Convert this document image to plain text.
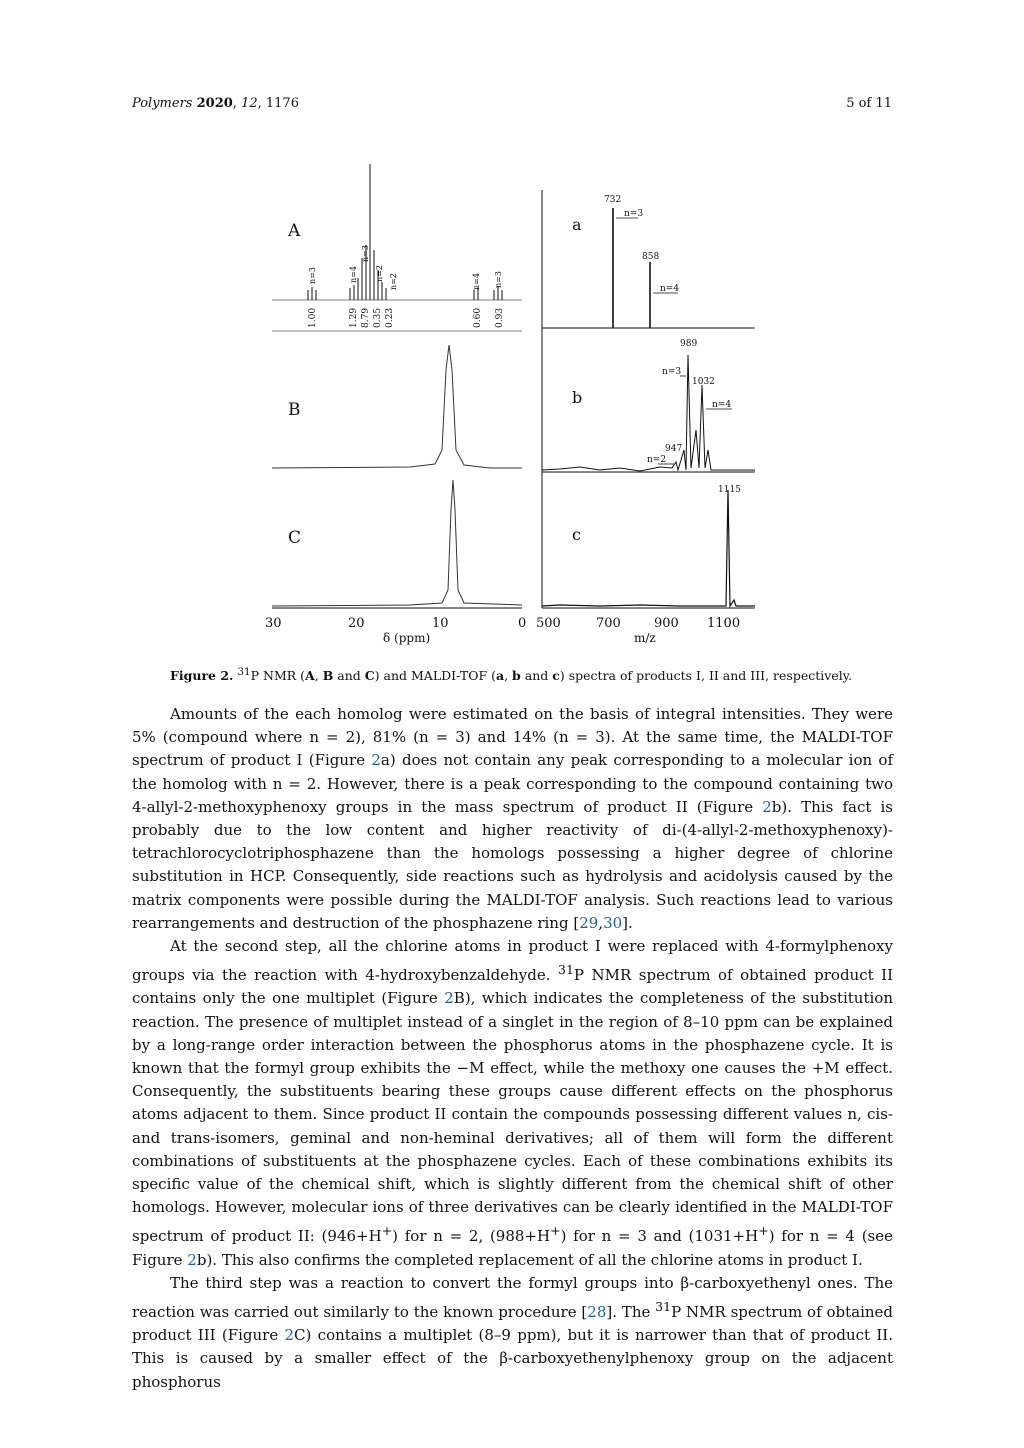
Polymers 2020, 12, 1176	5 of 11
A
n=3	n=4
n=3
n=2 n=2	n=4 n=3
1.00	1.29 8.79 0.35 0.23	0.60 0.93
B
C
30	20	10	0
δ (ppm)
a
b
c
732
n=3
858
n=4
989
n=3
1032
n=4
947
n=2
1115
500	700	900 1100
m/z
Figure 2. $^{31}$P NMR (A, B and C) and MALDI-TOF (a, b and c) spectra of products I, II and III, respectively.

Amounts of the each homolog were estimated on the basis of integral intensities. They were 5% (compound where n = 2), 81% (n = 3) and 14% (n = 3). At the same time, the MALDI-TOF spectrum of product I (Figure 2a) does not contain any peak corresponding to a molecular ion of the homolog with n = 2. However, there is a peak corresponding to the compound containing two 4-allyl-2-methoxyphenoxy groups in the mass spectrum of product II (Figure 2b). This fact is probably due to the low content and higher reactivity of di-(4-allyl-2-methoxyphenoxy)-tetrachlorocyclotriphosphazene than the homologs possessing a higher degree of chlorine substitution in HCP. Consequently, side reactions such as hydrolysis and acidolysis caused by the matrix components were possible during the MALDI-TOF analysis. Such reactions lead to various rearrangements and destruction of the phosphazene ring [29,30].

At the second step, all the chlorine atoms in product I were replaced with 4-formylphenoxy groups via the reaction with 4-hydroxybenzaldehyde. $^{31}$P NMR spectrum of obtained product II contains only the one multiplet (Figure 2B), which indicates the completeness of the substitution reaction. The presence of multiplet instead of a singlet in the region of 8–10 ppm can be explained by a long-range order interaction between the phosphorus atoms in the phosphazene cycle. It is known that the formyl group exhibits the −M effect, while the methoxy one causes the +M effect. Consequently, the substituents bearing these groups cause different effects on the phosphorus atoms adjacent to them. Since product II contain the compounds possessing different values n, cis- and trans-isomers, geminal and non-heminal derivatives; all of them will form the different combinations of substituents at the phosphazene cycles. Each of these combinations exhibits its specific value of the chemical shift, which is slightly different from the chemical shift of other homologs. However, molecular ions of three derivatives can be clearly identified in the MALDI-TOF spectrum of product II: (946+H+) for n = 2, (988+H+) for n = 3 and (1031+H+) for n = 4 (see Figure 2b). This also confirms the completed replacement of all the chlorine atoms in product I.

The third step was a reaction to convert the formyl groups into β-carboxyethenyl ones. The reaction was carried out similarly to the known procedure [28]. The $^{31}$P NMR spectrum of obtained product III (Figure 2C) contains a multiplet (8–9 ppm), but it is narrower than that of product II. This is caused by a smaller effect of the β-carboxyethenylphenoxy group on the adjacent phosphorus
